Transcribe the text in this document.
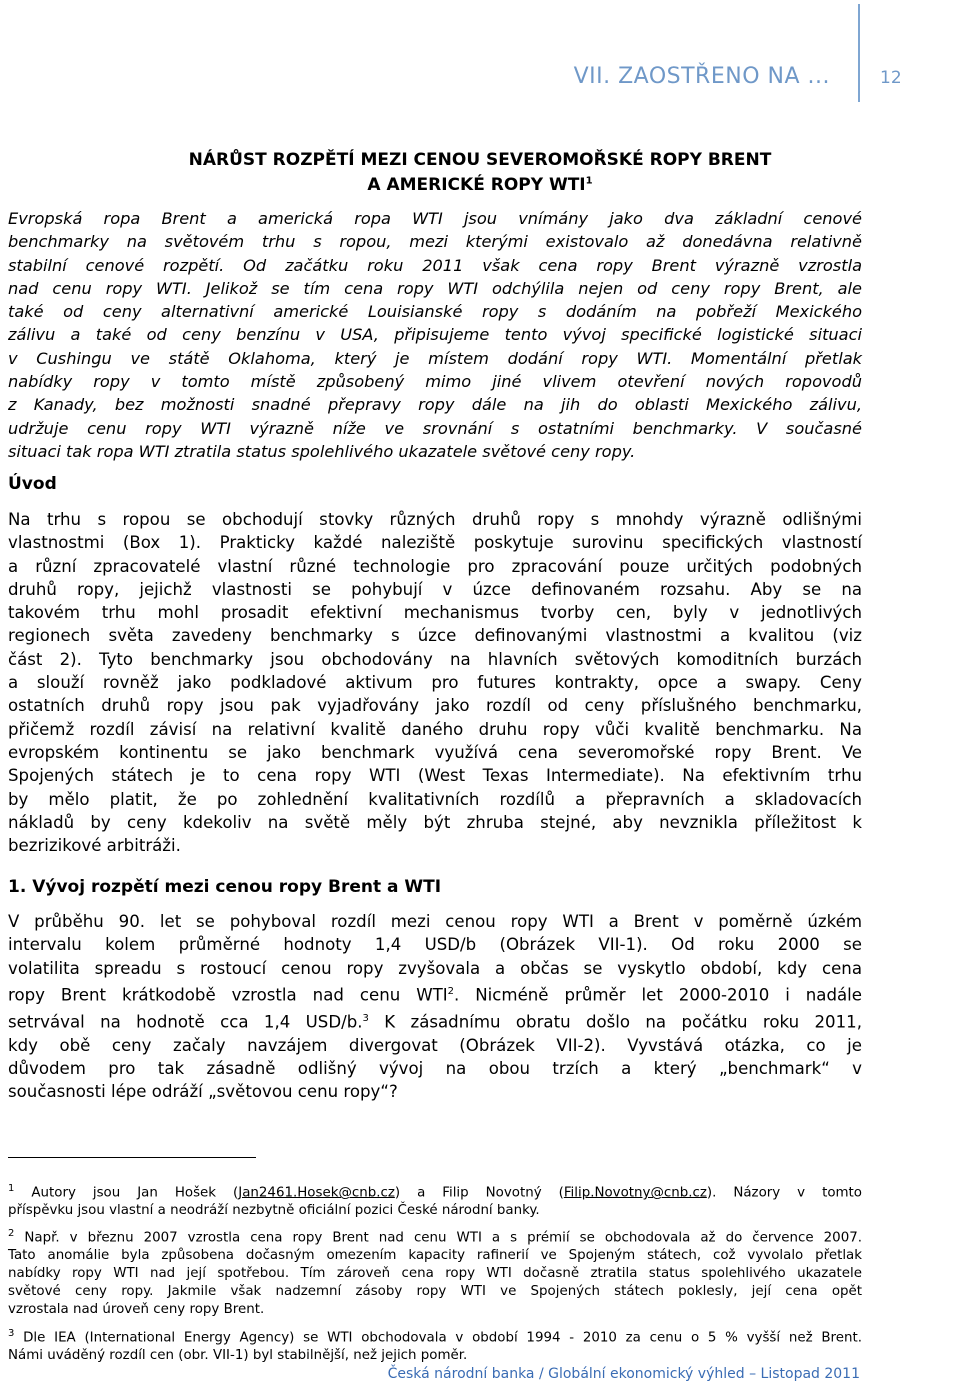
VII. ZAOSTŘENO NA ...	12
NÁRŮST ROZPĚTÍ MEZI CENOU SEVEROMOŘSKÉ ROPY BRENT
A AMERICKÉ ROPY WTI$^1$
Evropská ropa Brent a americká ropa WTI jsou vnímány jako dva základní cenové
benchmarky na světovém trhu s ropou, mezi kterými existovalo až donedávna relativně
stabilní cenové rozpětí. Od začátku roku 2011 však cena ropy Brent výrazně vzrostla
nad cenu ropy WTI. Jelikož se tím cena ropy WTI odchýlila nejen od ceny ropy Brent, ale
také od ceny alternativní americké Louisianské ropy s dodáním na pobřeží Mexického
zálivu a také od ceny benzínu v USA, připisujeme tento vývoj specifické logistické situaci
v Cushingu ve státě Oklahoma, který je místem dodání ropy WTI. Momentální přetlak
nabídky ropy v tomto místě způsobený mimo jiné vlivem otevření nových ropovodů
z Kanady, bez možnosti snadné přepravy ropy dále na jih do oblasti Mexického zálivu,
udržuje cenu ropy WTI výrazně níže ve srovnání s ostatními benchmarky. V současné
situaci tak ropa WTI ztratila status spolehlivého ukazatele světové ceny ropy.
Úvod
Na trhu s ropou se obchodují stovky různých druhů ropy s mnohdy výrazně odlišnými
vlastnostmi (Box 1). Prakticky každé naleziště poskytuje surovinu specifických vlastností
a různí zpracovatelé vlastní různé technologie pro zpracování pouze určitých podobných
druhů ropy, jejichž vlastnosti se pohybují v úzce definovaném rozsahu. Aby se na
takovém trhu mohl prosadit efektivní mechanismus tvorby cen, byly v jednotlivých
regionech světa zavedeny benchmarky s úzce definovanými vlastnostmi a kvalitou (viz
část 2). Tyto benchmarky jsou obchodovány na hlavních světových komoditních burzách
a slouží rovněž jako podkladové aktivum pro futures kontrakty, opce a swapy. Ceny
ostatních druhů ropy jsou pak vyjadřovány jako rozdíl od ceny příslušného benchmarku,
přičemž rozdíl závisí na relativní kvalitě daného druhu ropy vůči kvalitě benchmarku. Na
evropském kontinentu se jako benchmark využívá cena severomořské ropy Brent. Ve
Spojených státech je to cena ropy WTI (West Texas Intermediate). Na efektivním trhu
by mělo platit, že po zohlednění kvalitativních rozdílů a přepravních a skladovacích
nákladů by ceny kdekoliv na světě měly být zhruba stejné, aby nevznikla příležitost k
bezrizikové arbitráži.
1. Vývoj rozpětí mezi cenou ropy Brent a WTI
V průběhu 90. let se pohyboval rozdíl mezi cenou ropy WTI a Brent v poměrně úzkém
intervalu kolem průměrné hodnoty 1,4 USD/b (Obrázek VII-1). Od roku 2000 se
volatilita spreadu s rostoucí cenou ropy zvyšovala a občas se vyskytlo období, kdy cena
ropy Brent krátkodobě vzrostla nad cenu WTI$^2$. Nicméně průměr let 2000-2010 i nadále
setrvával na hodnotě cca 1,4 USD/b.$^3$ K zásadnímu obratu došlo na počátku roku 2011,
kdy obě ceny začaly navzájem divergovat (Obrázek VII-2). Vyvstává otázka, co je
důvodem pro tak zásadně odlišný vývoj na obou trzích a který „benchmark“ v
současnosti lépe odráží „světovou cenu ropy“?
$^1$ Autory jsou Jan Hošek (Jan2461.Hosek@cnb.cz) a Filip Novotný (Filip.Novotny@cnb.cz). Názory v tomto
příspěvku jsou vlastní a neodráží nezbytně oficiální pozici České národní banky.
$^2$ Např. v březnu 2007 vzrostla cena ropy Brent nad cenu WTI a s prémií se obchodovala až do července 2007.
Tato anomálie byla způsobena dočasným omezením kapacity rafinerií ve Spojeným státech, což vyvolalo přetlak
nabídky ropy WTI nad její spotřebou. Tím zároveň cena ropy WTI dočasně ztratila status spolehlivého ukazatele
světové ceny ropy. Jakmile však nadzemní zásoby ropy WTI ve Spojených státech poklesly, její cena opět
vzrostala nad úroveň ceny ropy Brent.
$^3$ Dle IEA (International Energy Agency) se WTI obchodovala v období 1994 - 2010 za cenu o 5 % vyšší než Brent.
Námi uváděný rozdíl cen (obr. VII-1) byl stabilnější, než jejich poměr.
Česká národní banka / Globální ekonomický výhled – Listopad 2011
